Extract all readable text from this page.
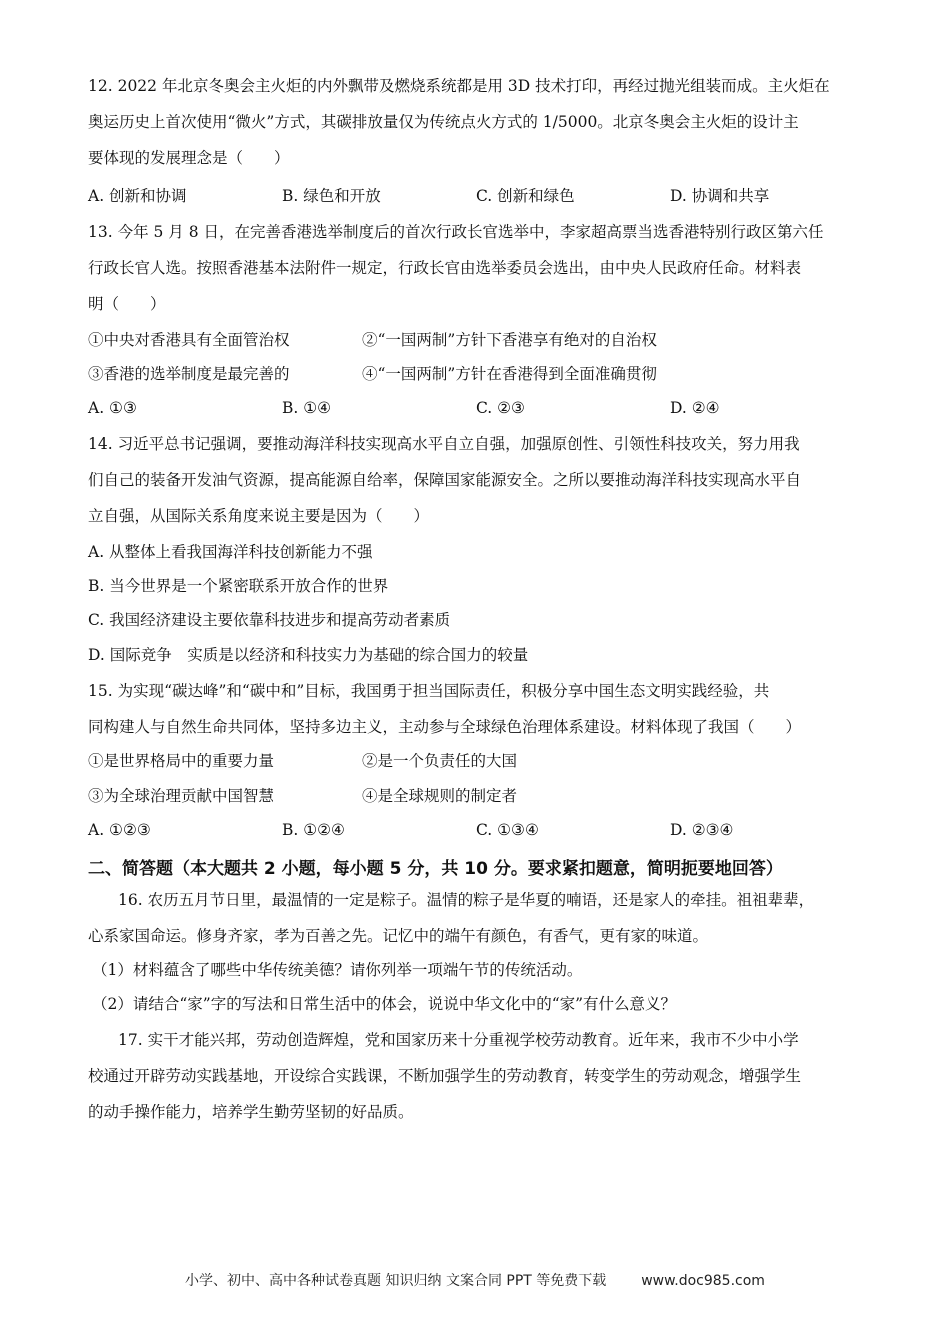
12. 2022 年北京冬奥会主火炬的内外飘带及燃烧系统都是用 3D 技术打印，再经过抛光组装而成。主火炬在
奥运历史上首次使用“微火”方式，其碳排放量仅为传统点火方式的 1/5000。北京冬奥会主火炬的设计主
要体现的发展理念是（　　）
A. 创新和协调	B. 绿色和开放	C. 创新和绿色	D. 协调和共享
13. 今年 5 月 8 日，在完善香港选举制度后的首次行政长官选举中，李家超高票当选香港特别行政区第六任
行政长官人选。按照香港基本法附件一规定，行政长官由选举委员会选出，由中央人民政府任命。材料表
明（　　）
①中央对香港具有全面管治权	②“一国两制”方针下香港享有绝对的自治权
③香港的选举制度是最完善的	④“一国两制”方针在香港得到全面准确贯彻
A. ①③	B. ①④	C. ②③	D. ②④
14. 习近平总书记强调，要推动海洋科技实现高水平自立自强，加强原创性、引领性科技攻关，努力用我
们自己的装备开发油气资源，提高能源自给率，保障国家能源安全。之所以要推动海洋科技实现高水平自
立自强，从国际关系角度来说主要是因为（　　）
A. 从整体上看我国海洋科技创新能力不强
B. 当今世界是一个紧密联系开放合作的世界
C. 我国经济建设主要依靠科技进步和提高劳动者素质
D. 国际竞争　实质是以经济和科技实力为基础的综合国力的较量
15. 为实现“碳达峰”和“碳中和”目标，我国勇于担当国际责任，积极分享中国生态文明实践经验，共
同构建人与自然生命共同体，坚持多边主义，主动参与全球绿色治理体系建设。材料体现了我国（　　）
①是世界格局中的重要力量	②是一个负责任的大国
③为全球治理贡献中国智慧	④是全球规则的制定者
A. ①②③	B. ①②④	C. ①③④	D. ②③④
二、简答题（本大题共 2 小题，每小题 5 分，共 10 分。要求紧扣题意，简明扼要地回答）
16. 农历五月节日里，最温情的一定是粽子。温情的粽子是华夏的喃语，还是家人的牵挂。祖祖辈辈，
心系家国命运。修身齐家，孝为百善之先。记忆中的端午有颜色，有香气，更有家的味道。
（1）材料蕴含了哪些中华传统美德？请你列举一项端午节的传统活动。
（2）请结合“家”字的写法和日常生活中的体会，说说中华文化中的“家”有什么意义？
17. 实干才能兴邦，劳动创造辉煌，党和国家历来十分重视学校劳动教育。近年来，我市不少中小学
校通过开辟劳动实践基地，开设综合实践课，不断加强学生的劳动教育，转变学生的劳动观念，增强学生
的动手操作能力，培养学生勤劳坚韧的好品质。
小学、初中、高中各种试卷真题 知识归纳 文案合同 PPT 等免费下载 www.doc985.com
